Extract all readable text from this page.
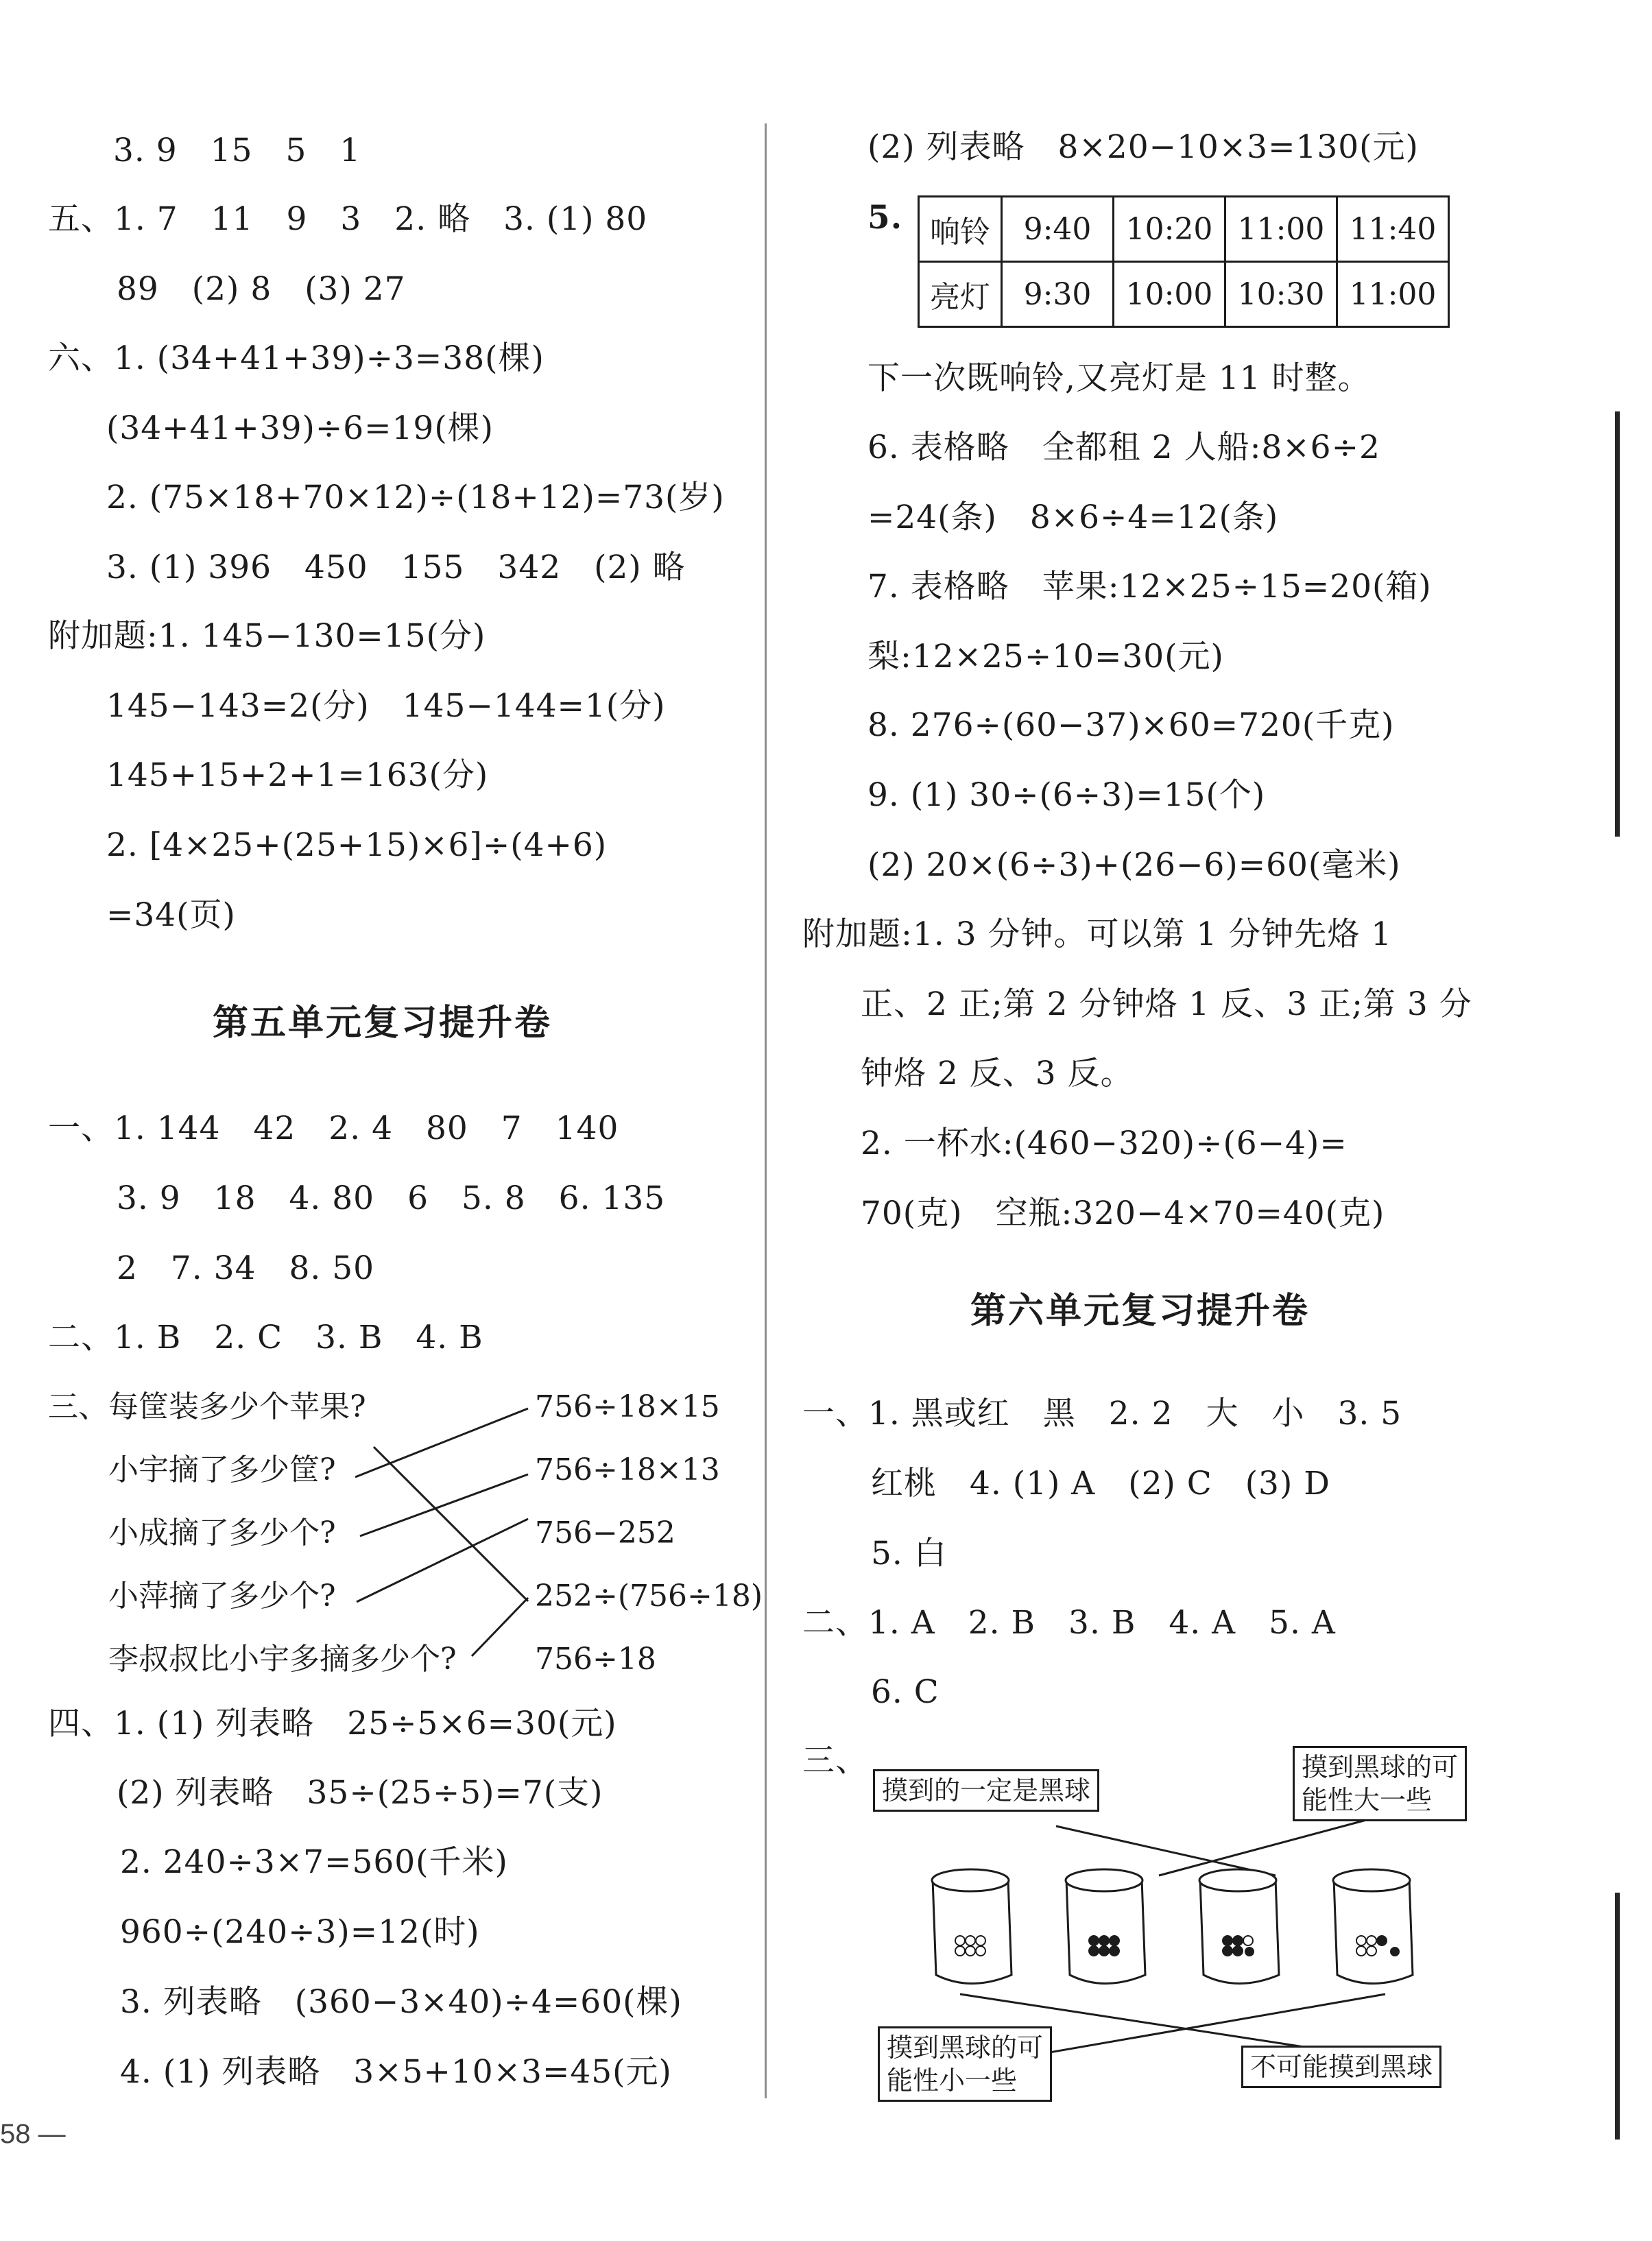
3. 9　15　5　1
五、1. 7　11　9　3　2. 略　3. (1) 80
89　(2) 8　(3) 27
六、1. (34+41+39)÷3=38(棵)
(34+41+39)÷6=19(棵)
2. (75×18+70×12)÷(18+12)=73(岁)
3. (1) 396　450　155　342　(2) 略
附加题:1. 145−130=15(分)
145−143=2(分)　145−144=1(分)
145+15+2+1=163(分)
2. [4×25+(25+15)×6]÷(4+6)
=34(页)
第五单元复习提升卷
一、1. 144　42　2. 4　80　7　140
3. 9　18　4. 80　6　5. 8　6. 135
2　7. 34　8. 50
二、1. B　2. C　3. B　4. B
三、 每筐装多少个苹果?
小宇摘了多少筐?
小成摘了多少个?
小萍摘了多少个?
李叔叔比小宇多摘多少个?
756÷18×15
756÷18×13
756−252
252÷(756÷18)
756÷18
四、1. (1) 列表略　25÷5×6=30(元)
(2) 列表略　35÷(25÷5)=7(支)
2. 240÷3×7=560(千米)
960÷(240÷3)=12(时)
3. 列表略　(360−3×40)÷4=60(棵)
4. (1) 列表略　3×5+10×3=45(元)
(2) 列表略　8×20−10×3=130(元)
5. 响铃	9:40	10:20	11:00	11:40
亮灯	9:30	10:00	10:30	11:00
下一次既响铃,又亮灯是 11 时整。
6. 表格略　全都租 2 人船:8×6÷2
=24(条)　8×6÷4=12(条)
7. 表格略　苹果:12×25÷15=20(箱)
梨:12×25÷10=30(元)
8. 276÷(60−37)×60=720(千克)
9. (1) 30÷(6÷3)=15(个)
(2) 20×(6÷3)+(26−6)=60(毫米)
附加题:1. 3 分钟。可以第 1 分钟先烙 1
正、2 正;第 2 分钟烙 1 反、3 正;第 3 分
钟烙 2 反、3 反。
2. 一杯水:(460−320)÷(6−4)=
70(克)　空瓶:320−4×70=40(克)
第六单元复习提升卷
一、1. 黑或红　黑　2. 2　大　小　3. 5
红桃　4. (1) A　(2) C　(3) D
5. 白
二、1. A　2. B　3. B　4. A　5. A
6. C
三、
摸到的一定是黑球
摸到黑球的可
能性大一些
摸到黑球的可
能性小一些	不可能摸到黑球
58 —
